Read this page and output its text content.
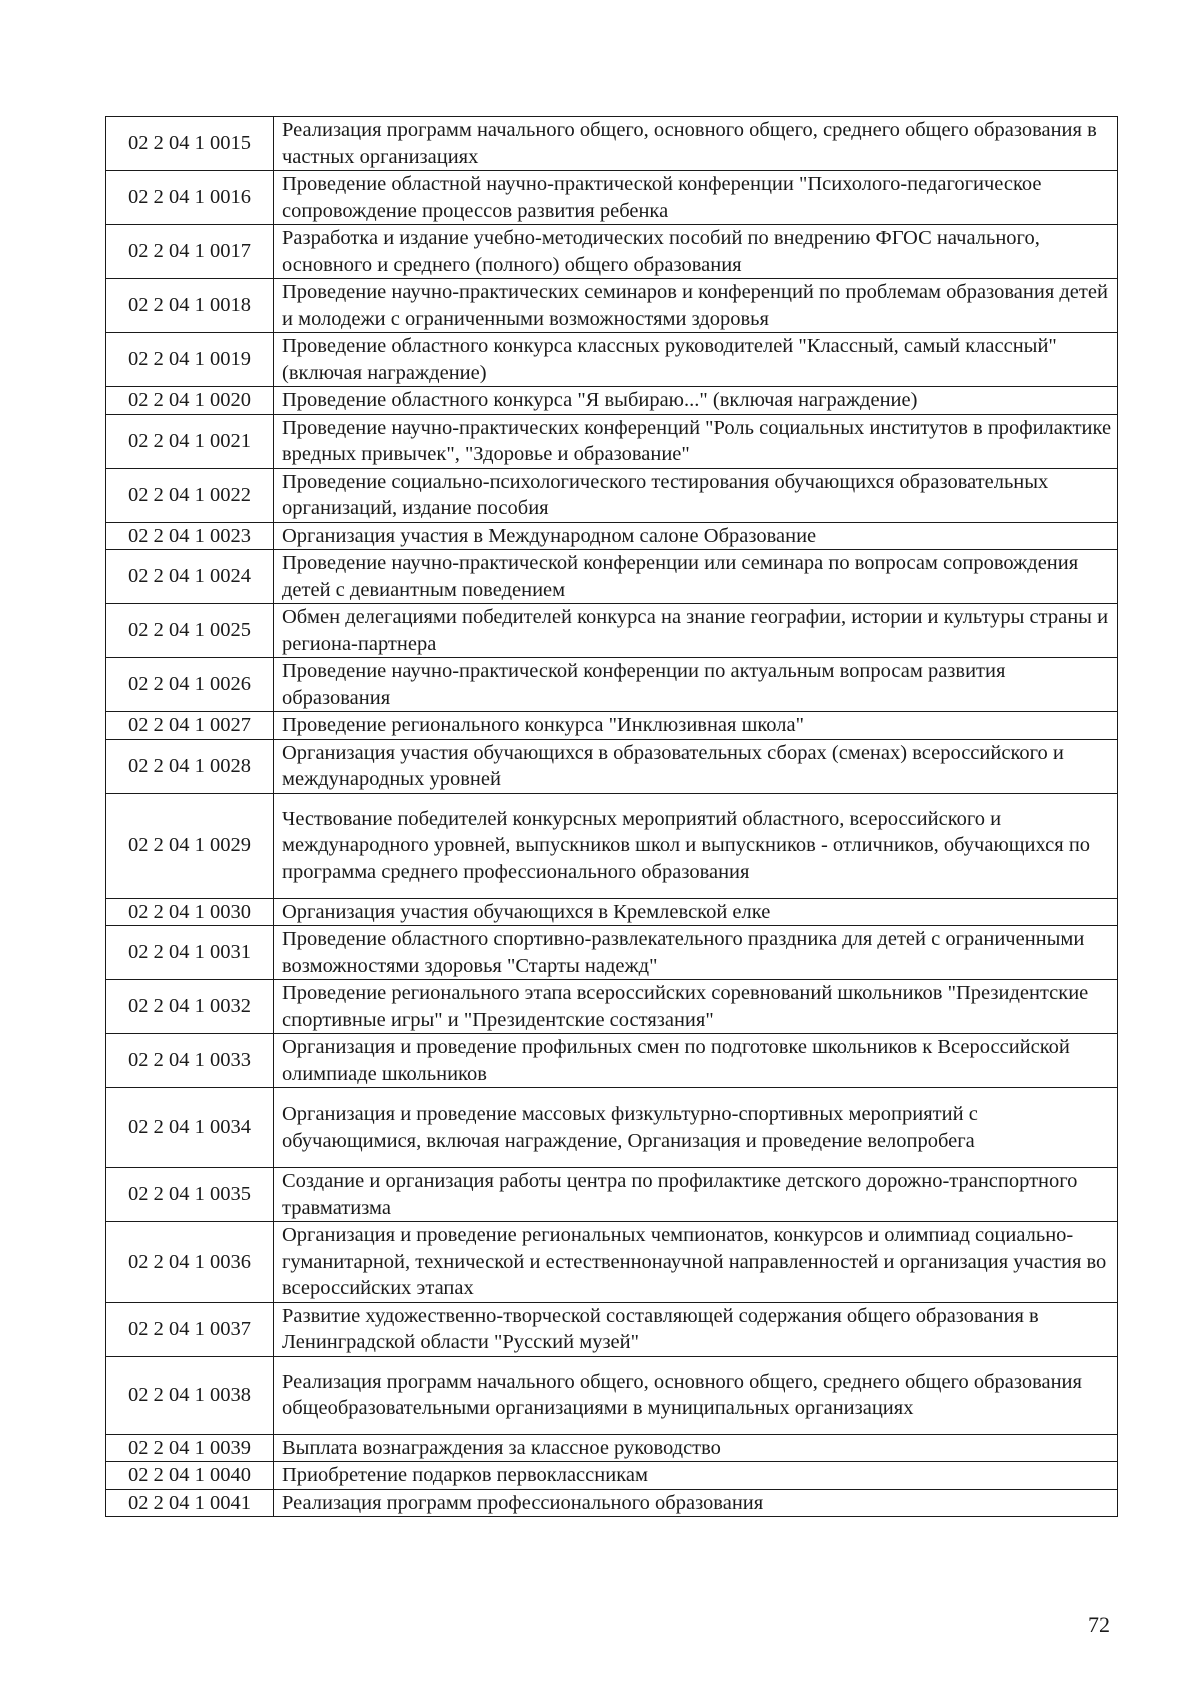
02 2 04 1 0015	Реализация программ начального общего, основного общего, среднего общего образования в частных организациях
02 2 04 1 0016	Проведение областной научно-практической конференции "Психолого-педагогическое сопровождение процессов развития ребенка
02 2 04 1 0017	Разработка и издание учебно-методических пособий по внедрению ФГОС начального, основного и среднего (полного) общего образования
02 2 04 1 0018	Проведение научно-практических семинаров и конференций по проблемам образования детей и молодежи с ограниченными возможностями здоровья
02 2 04 1 0019	Проведение областного конкурса классных руководителей "Классный, самый классный" (включая награждение)
02 2 04 1 0020	Проведение областного конкурса "Я выбираю..." (включая награждение)
02 2 04 1 0021	Проведение научно-практических конференций "Роль социальных институтов в профилактике вредных привычек", "Здоровье и образование"
02 2 04 1 0022	Проведение социально-психологического тестирования обучающихся образовательных организаций, издание пособия
02 2 04 1 0023	Организация участия в Международном салоне Образование
02 2 04 1 0024	Проведение научно-практической конференции или семинара по вопросам сопровождения детей с девиантным поведением
02 2 04 1 0025	Обмен делегациями победителей конкурса на знание географии, истории и культуры страны и региона-партнера
02 2 04 1 0026	Проведение научно-практической конференции по актуальным вопросам развития образования
02 2 04 1 0027	Проведение регионального конкурса "Инклюзивная школа"
02 2 04 1 0028	Организация участия обучающихся в образовательных сборах (сменах) всероссийского и международных уровней
02 2 04 1 0029	Чествование победителей конкурсных мероприятий областного, всероссийского и международного уровней, выпускников школ и выпускников - отличников, обучающихся по программа среднего профессионального образования
02 2 04 1 0030	Организация участия обучающихся в Кремлевской елке
02 2 04 1 0031	Проведение областного спортивно-развлекательного праздника для детей с ограниченными возможностями здоровья "Старты надежд"
02 2 04 1 0032	Проведение регионального этапа всероссийских соревнований школьников "Президентские спортивные игры" и "Президентские состязания"
02 2 04 1 0033	Организация и проведение профильных смен по подготовке школьников к Всероссийской олимпиаде школьников
02 2 04 1 0034	Организация и проведение массовых физкультурно-спортивных мероприятий с обучающимися, включая награждение, Организация и проведение велопробега
02 2 04 1 0035	Создание и организация работы центра по профилактике детского дорожно-транспортного травматизма
02 2 04 1 0036	Организация и проведение региональных чемпионатов, конкурсов и олимпиад социально-гуманитарной, технической и естественнонаучной направленностей и организация участия во всероссийских этапах
02 2 04 1 0037	Развитие художественно-творческой составляющей содержания общего образования в Ленинградской области "Русский музей"
02 2 04 1 0038	Реализация программ начального общего, основного общего, среднего общего образования общеобразовательными организациями в муниципальных организациях
02 2 04 1 0039	Выплата вознаграждения за классное руководство
02 2 04 1 0040	Приобретение подарков первоклассникам
02 2 04 1 0041	Реализация программ профессионального образования
72
